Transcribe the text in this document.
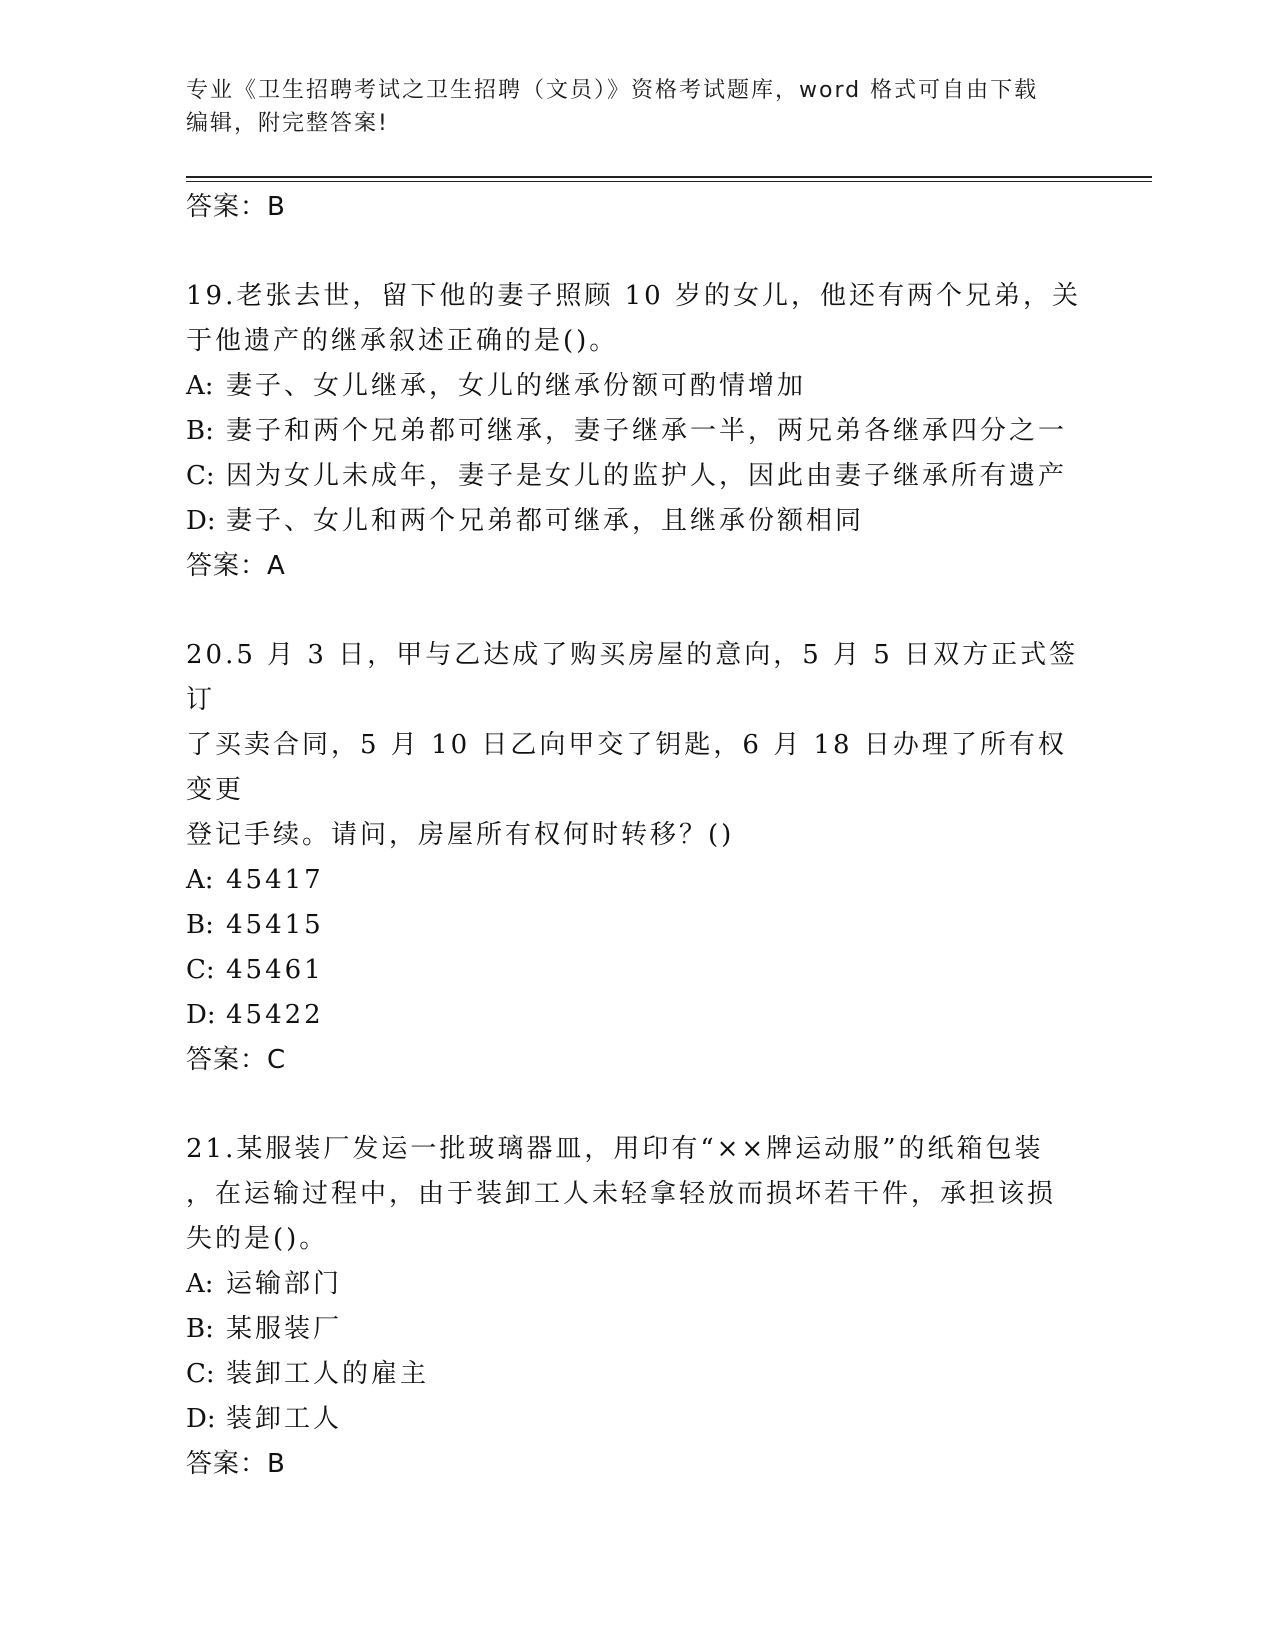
专业《卫生招聘考试之卫生招聘（文员）》资格考试题库，word 格式可自由下载
编辑，附完整答案!
答案：B
19.老张去世，留下他的妻子照顾 10 岁的女儿，他还有两个兄弟，关
于他遗产的继承叙述正确的是()。
A: 妻子、女儿继承，女儿的继承份额可酌情增加
B: 妻子和两个兄弟都可继承，妻子继承一半，两兄弟各继承四分之一
C: 因为女儿未成年，妻子是女儿的监护人，因此由妻子继承所有遗产
D: 妻子、女儿和两个兄弟都可继承，且继承份额相同
答案：A
20.5 月 3 日，甲与乙达成了购买房屋的意向，5 月 5 日双方正式签订
了买卖合同，5 月 10 日乙向甲交了钥匙，6 月 18 日办理了所有权变更
登记手续。请问，房屋所有权何时转移？()
A: 45417
B: 45415
C: 45461
D: 45422
答案：C
21.某服装厂发运一批玻璃器皿，用印有“××牌运动服”的纸箱包装
，在运输过程中，由于装卸工人未轻拿轻放而损坏若干件，承担该损
失的是()。
A: 运输部门
B: 某服装厂
C: 装卸工人的雇主
D: 装卸工人
答案：B
